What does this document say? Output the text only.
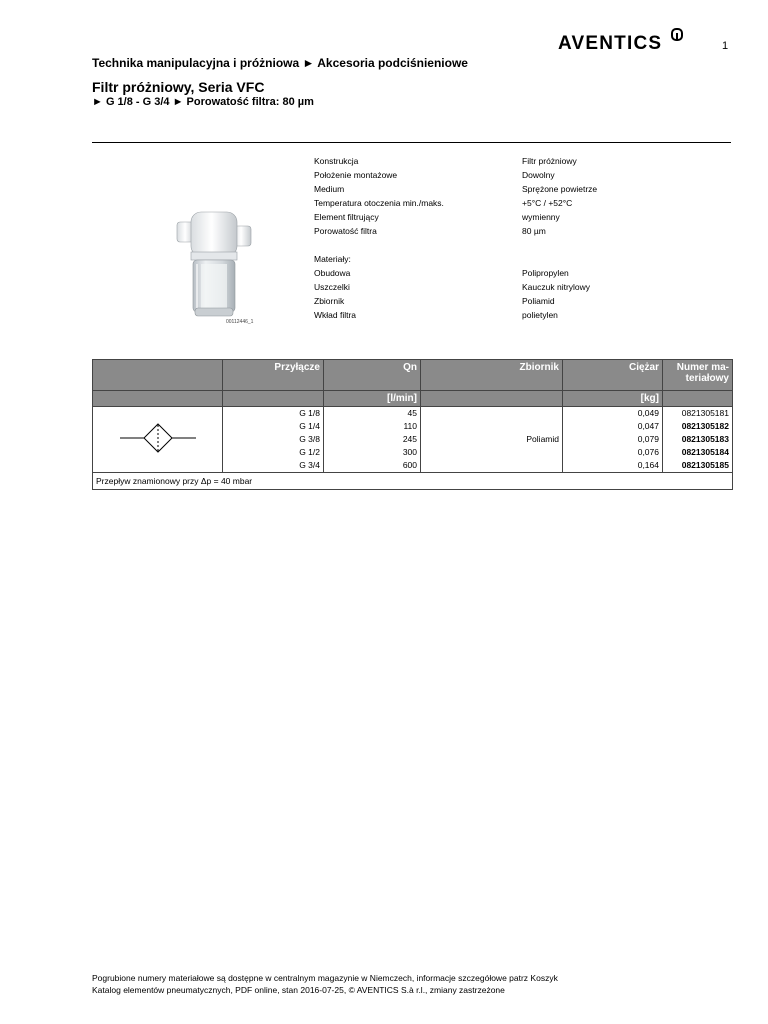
AVENTICS	1
Technika manipulacyjna i próżniowa ► Akcesoria podciśnieniowe
Filtr próżniowy, Seria VFC
► G 1/8 - G 3/4 ► Porowatość filtra: 80 µm
00112446_1
Konstrukcja	Filtr próżniowy
Położenie montażowe	Dowolny
Medium	Sprężone powietrze
Temperatura otoczenia min./maks.	+5°C / +52°C
Element filtrujący	wymienny
Porowatość filtra	80 µm
Materiały:
Obudowa	Polipropylen
Uszczelki	Kauczuk nitrylowy
Zbiornik	Poliamid
Wkład filtra	polietylen
	Przyłącze	Qn	Zbiornik	Ciężar	Numer ma-
teriałowy
		[l/min]		[kg]	
	G 1/8	45	Poliamid	0,049	0821305181
	G 1/4	110		0,047	0821305182
	G 3/8	245		0,079	0821305183
	G 1/2	300		0,076	0821305184
	G 3/4	600		0,164	0821305185
Przepływ znamionowy przy Δp = 40 mbar					
Pogrubione numery materiałowe są dostępne w centralnym magazynie w Niemczech, informacje szczegółowe patrz Koszyk
Katalog elementów pneumatycznych, PDF online, stan 2016-07-25, © AVENTICS S.à r.l., zmiany zastrzeżone
